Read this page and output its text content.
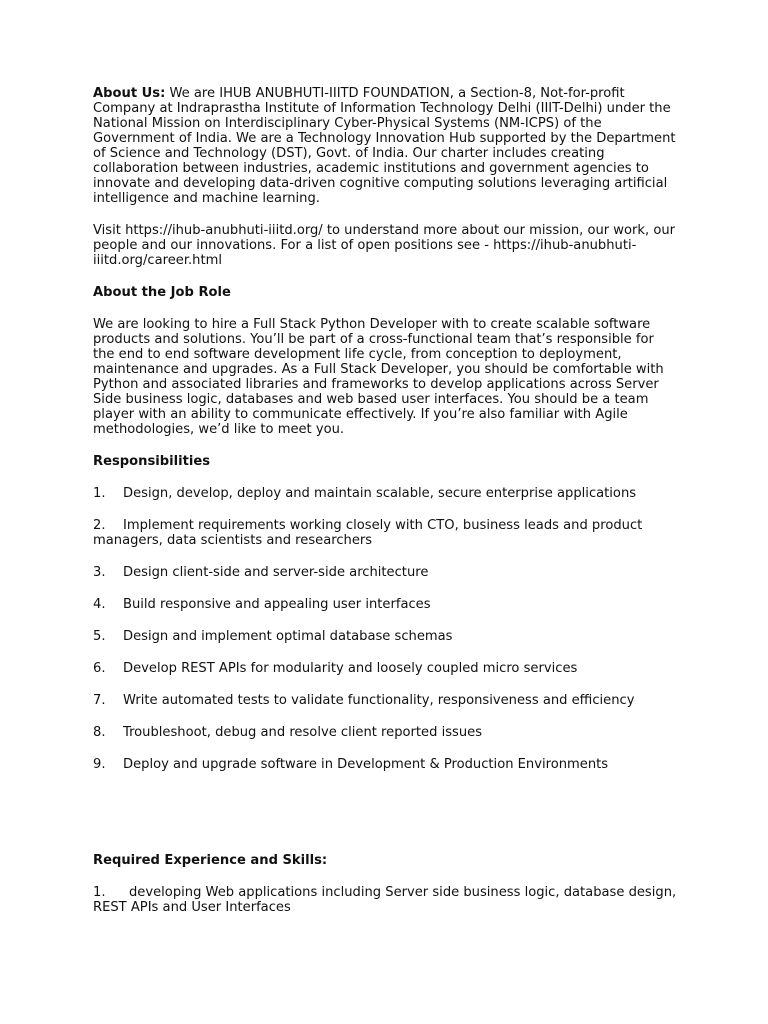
About Us: We are IHUB ANUBHUTI-IIITD FOUNDATION, a Section-8, Not-for-profit Company at Indraprastha Institute of Information Technology Delhi (IIIT-Delhi) under the National Mission on Interdisciplinary Cyber-Physical Systems (NM-ICPS) of the Government of India. We are a Technology Innovation Hub supported by the Department of Science and Technology (DST), Govt. of India. Our charter includes creating collaboration between industries, academic institutions and government agencies to innovate and developing data-driven cognitive computing solutions leveraging artificial intelligence and machine learning.

Visit https://ihub-anubhuti-iiitd.org/ to understand more about our mission, our work, our people and our innovations. For a list of open positions see - https://ihub-anubhuti-iiitd.org/career.html

About the Job Role

We are looking to hire a Full Stack Python Developer with to create scalable software products and solutions. You’ll be part of a cross-functional team that’s responsible for the end to end software development life cycle, from conception to deployment, maintenance and upgrades. As a Full Stack Developer, you should be comfortable with Python and associated libraries and frameworks to develop applications across Server Side business logic, databases and web based user interfaces. You should be a team player with an ability to communicate effectively. If you’re also familiar with Agile methodologies, we’d like to meet you.

Responsibilities

1. Design, develop, deploy and maintain scalable, secure enterprise applications

2. Implement requirements working closely with CTO, business leads and product managers, data scientists and researchers

3. Design client-side and server-side architecture

4. Build responsive and appealing user interfaces

5. Design and implement optimal database schemas

6. Develop REST APIs for modularity and loosely coupled micro services

7. Write automated tests to validate functionality, responsiveness and efficiency

8. Troubleshoot, debug and resolve client reported issues

9. Deploy and upgrade software in Development & Production Environments

Required Experience and Skills:

1. developing Web applications including Server side business logic, database design, REST APIs and User Interfaces
